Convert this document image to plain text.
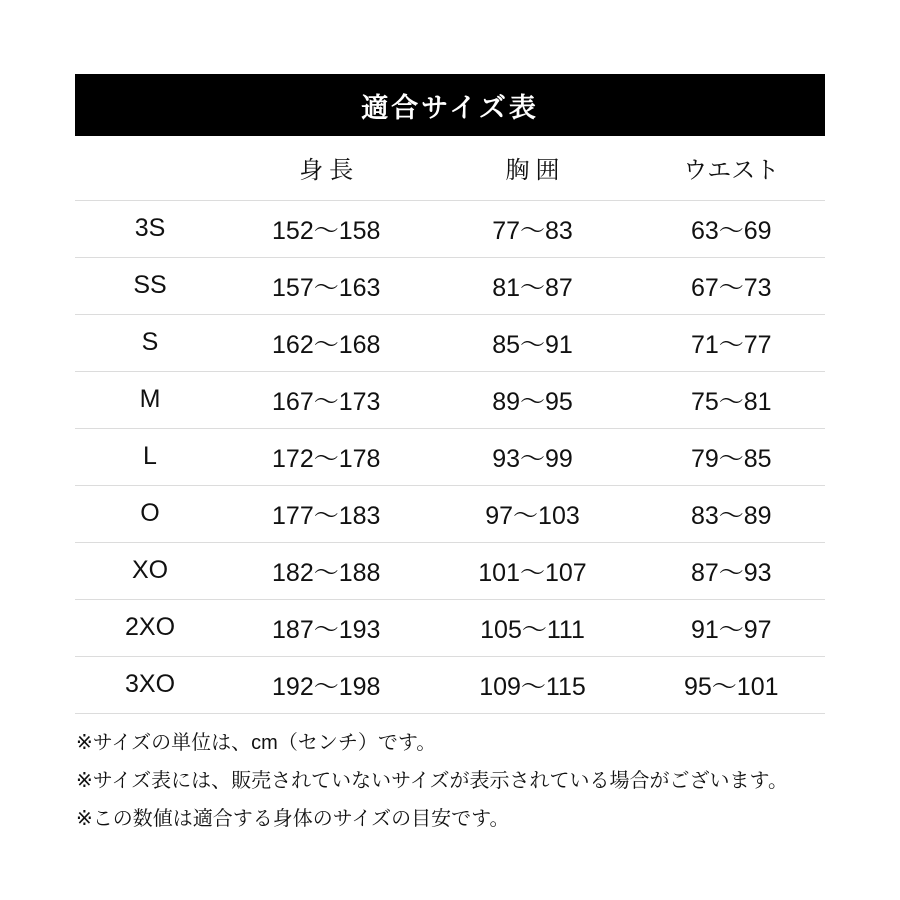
適合サイズ表
	身長	胸囲	ウエスト
3S	152〜158	77〜83	63〜69
SS	157〜163	81〜87	67〜73
S	162〜168	85〜91	71〜77
M	167〜173	89〜95	75〜81
L	172〜178	93〜99	79〜85
O	177〜183	97〜103	83〜89
XO	182〜188	101〜107	87〜93
2XO	187〜193	105〜111	91〜97
3XO	192〜198	109〜115	95〜101
※サイズの単位は、cm（センチ）です。
※サイズ表には、販売されていないサイズが表示されている場合がございます。
※この数値は適合する身体のサイズの目安です。
